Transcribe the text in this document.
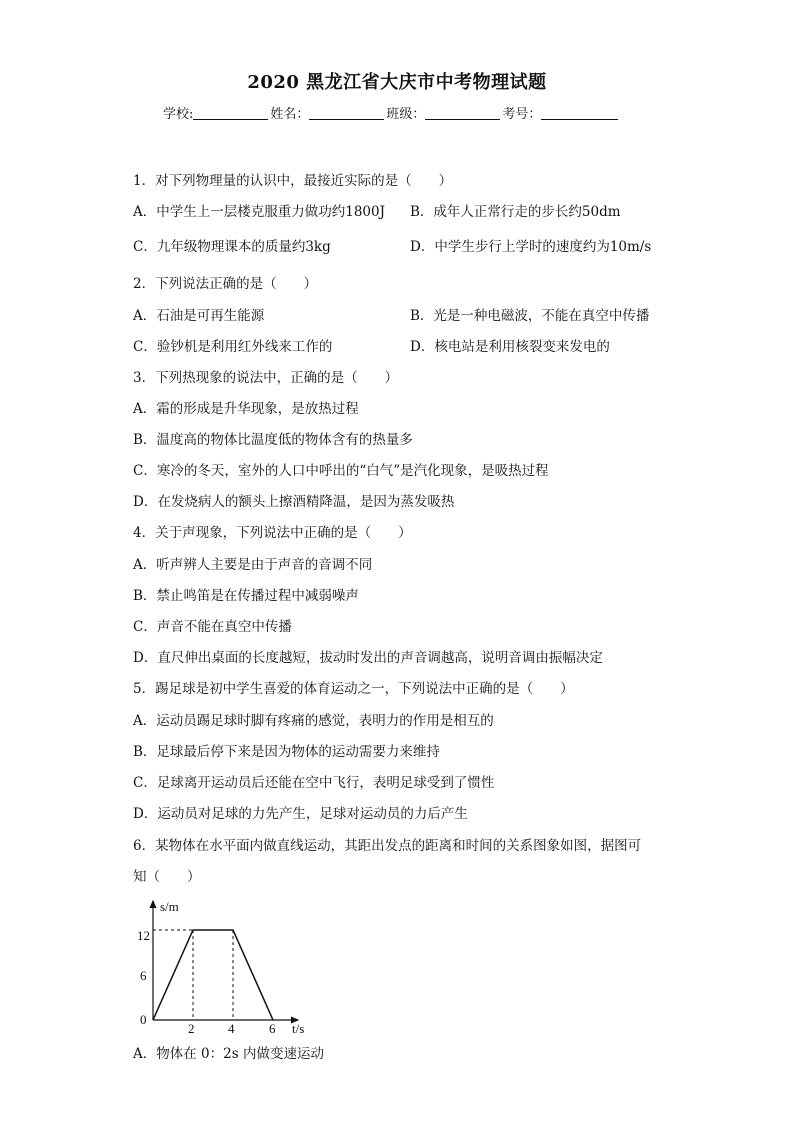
2020 黑龙江省大庆市中考物理试题
学校:	姓名：	班级：	考号：
1．对下列物理量的认识中，最接近实际的是（　　）
A．中学生上一层楼克服重力做功约1800J B．成年人正常行走的步长约50dm
C．九年级物理课本的质量约3kg	D．中学生步行上学时的速度约为10m/s
2．下列说法正确的是（　　）
A．石油是可再生能源	B．光是一种电磁波，不能在真空中传播
C．验钞机是利用红外线来工作的	D．核电站是利用核裂变来发电的
3．下列热现象的说法中，正确的是（　　）
A．霜的形成是升华现象，是放热过程
B．温度高的物体比温度低的物体含有的热量多
C．寒冷的冬天，室外的人口中呼出的“白气”是汽化现象，是吸热过程
D．在发烧病人的额头上擦酒精降温，是因为蒸发吸热
4．关于声现象，下列说法中正确的是（　　）
A．听声辨人主要是由于声音的音调不同
B．禁止鸣笛是在传播过程中减弱噪声
C．声音不能在真空中传播
D．直尺伸出桌面的长度越短，拔动时发出的声音调越高，说明音调由振幅决定
5．踢足球是初中学生喜爱的体育运动之一，下列说法中正确的是（　　）
A．运动员踢足球时脚有疼痛的感觉，表明力的作用是相互的
B．足球最后停下来是因为物体的运动需要力来维持
C．足球离开运动员后还能在空中飞行，表明足球受到了惯性
D．运动员对足球的力先产生，足球对运动员的力后产生
6．某物体在水平面内做直线运动，其距出发点的距离和时间的关系图象如图，据图可
知（　　）
s/m
t/s
0
12
6
2	4	6
A．物体在 0：2s 内做变速运动
